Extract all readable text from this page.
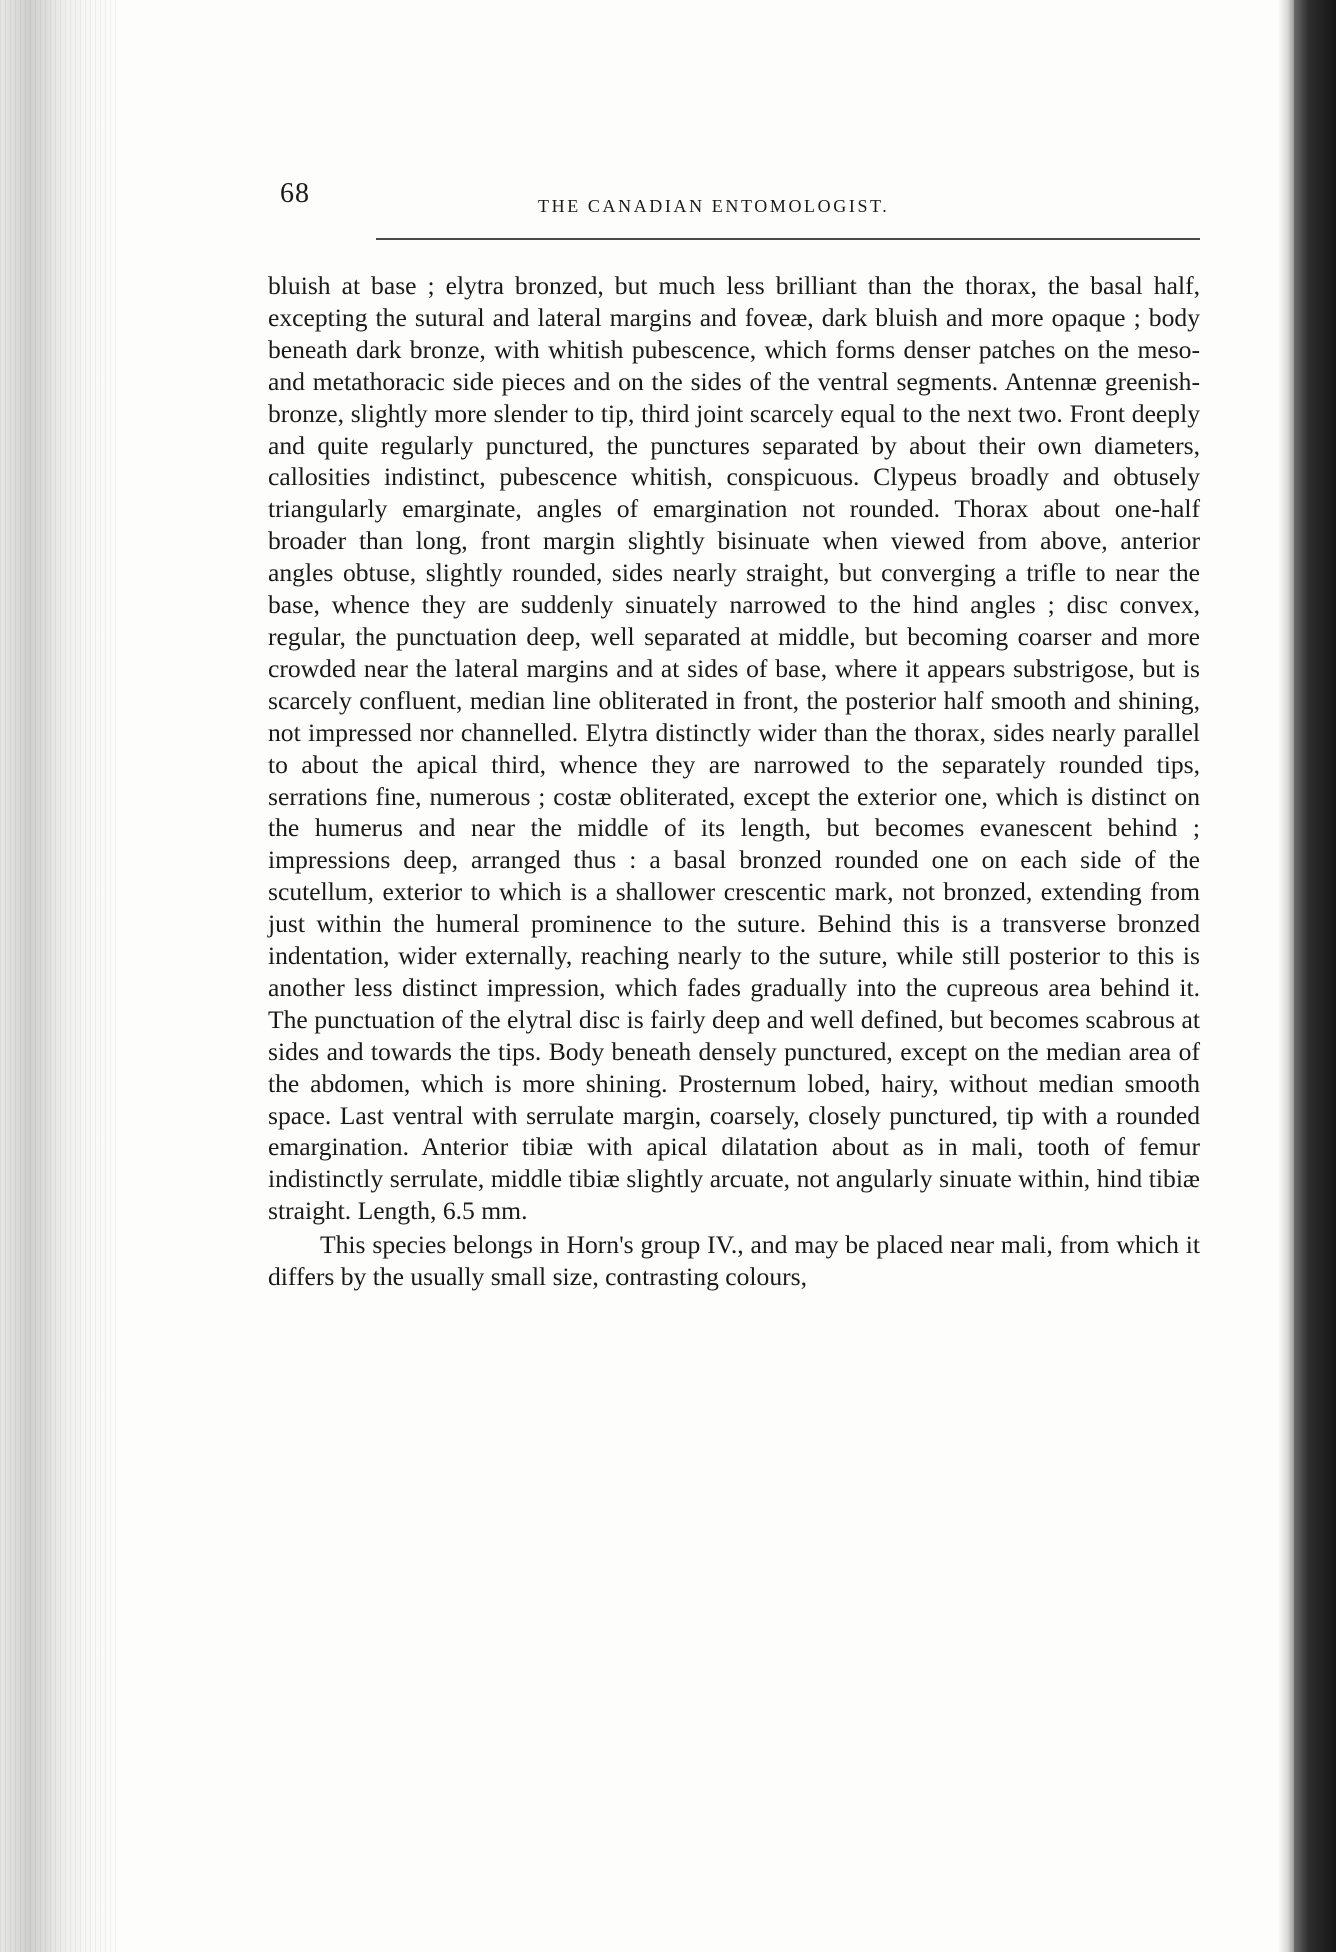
68	THE CANADIAN ENTOMOLOGIST.

bluish at base ; elytra bronzed, but much less brilliant than the thorax, the basal half, excepting the sutural and lateral margins and foveæ, dark bluish and more opaque ; body beneath dark bronze, with whitish pubescence, which forms denser patches on the meso- and metathoracic side pieces and on the sides of the ventral segments. Antennæ greenish-bronze, slightly more slender to tip, third joint scarcely equal to the next two. Front deeply and quite regularly punctured, the punctures separated by about their own diameters, callosities indistinct, pubescence whitish, conspicuous. Clypeus broadly and obtusely triangularly emarginate, angles of emargination not rounded. Thorax about one-half broader than long, front margin slightly bisinuate when viewed from above, anterior angles obtuse, slightly rounded, sides nearly straight, but converging a trifle to near the base, whence they are suddenly sinuately narrowed to the hind angles ; disc convex, regular, the punctuation deep, well separated at middle, but becoming coarser and more crowded near the lateral margins and at sides of base, where it appears substrigose, but is scarcely confluent, median line obliterated in front, the posterior half smooth and shining, not impressed nor channelled. Elytra distinctly wider than the thorax, sides nearly parallel to about the apical third, whence they are narrowed to the separately rounded tips, serrations fine, numerous ; costæ obliterated, except the exterior one, which is distinct on the humerus and near the middle of its length, but becomes evanescent behind ; impressions deep, arranged thus : a basal bronzed rounded one on each side of the scutellum, exterior to which is a shallower crescentic mark, not bronzed, extending from just within the humeral prominence to the suture. Behind this is a transverse bronzed indentation, wider externally, reaching nearly to the suture, while still posterior to this is another less distinct impression, which fades gradually into the cupreous area behind it. The punctuation of the elytral disc is fairly deep and well defined, but becomes scabrous at sides and towards the tips. Body beneath densely punctured, except on the median area of the abdomen, which is more shining. Prosternum lobed, hairy, without median smooth space. Last ventral with serrulate margin, coarsely, closely punctured, tip with a rounded emargination. Anterior tibiæ with apical dilatation about as in mali, tooth of femur indistinctly serrulate, middle tibiæ slightly arcuate, not angularly sinuate within, hind tibiæ straight. Length, 6.5 mm.

This species belongs in Horn's group IV., and may be placed near mali, from which it differs by the usually small size, contrasting colours,
